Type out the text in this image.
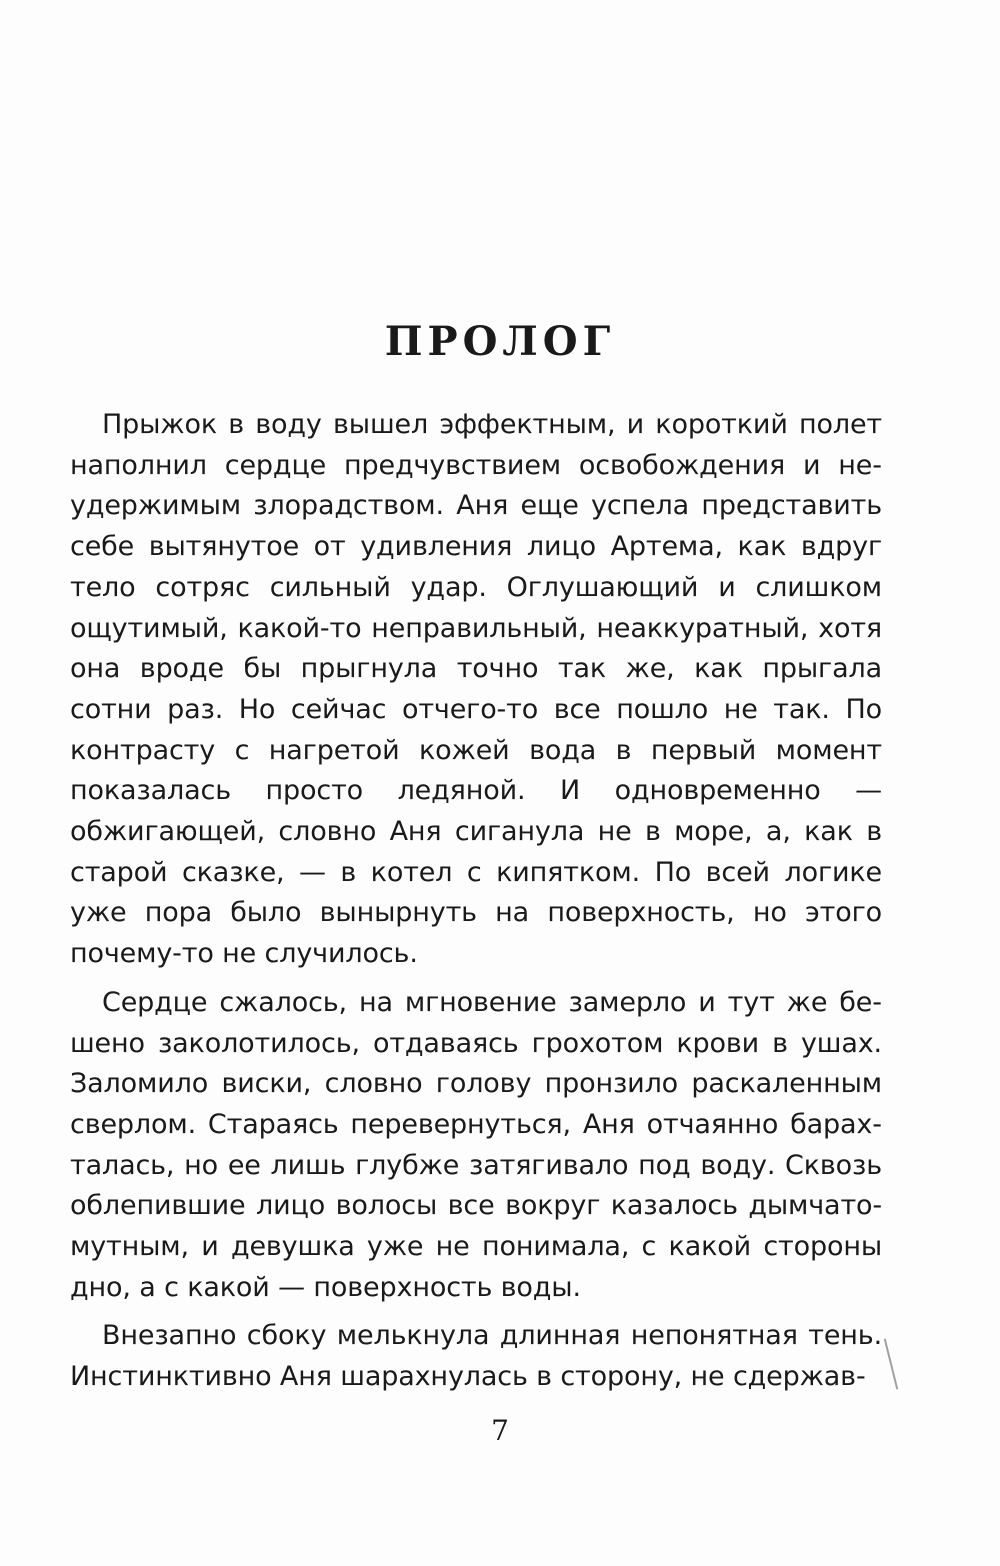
ПРОЛОГ

Прыжок в воду вышел эффектным, и короткий полет наполнил сердце предчувствием освобождения и неудержимым злорадством. Аня еще успела представить себе вытянутое от удивления лицо Артема, как вдруг тело сотряс сильный удар. Оглушающий и слишком ощутимый, какой-то неправильный, неаккуратный, хотя она вроде бы прыгнула точно так же, как прыгала сотни раз. Но сейчас отчего-то все пошло не так. По контрасту с нагретой кожей вода в первый момент показалась просто ледяной. И одновременно — обжигающей, словно Аня сиганула не в море, а, как в старой сказке, — в котел с кипятком. По всей логике уже пора было вынырнуть на поверхность, но этого почему-то не случилось.

Сердце сжалось, на мгновение замерло и тут же бешено заколотилось, отдаваясь грохотом крови в ушах. Заломило виски, словно голову пронзило раскаленным сверлом. Стараясь перевернуться, Аня отчаянно барахталась, но ее лишь глубже затягивало под воду. Сквозь облепившие лицо волосы все вокруг казалось дымчато-мутным, и девушка уже не понимала, с какой стороны дно, а с какой — поверхность воды.

Внезапно сбоку мелькнула длинная непонятная тень. Инстинктивно Аня шарахнулась в сторону, не сдержав-

7
